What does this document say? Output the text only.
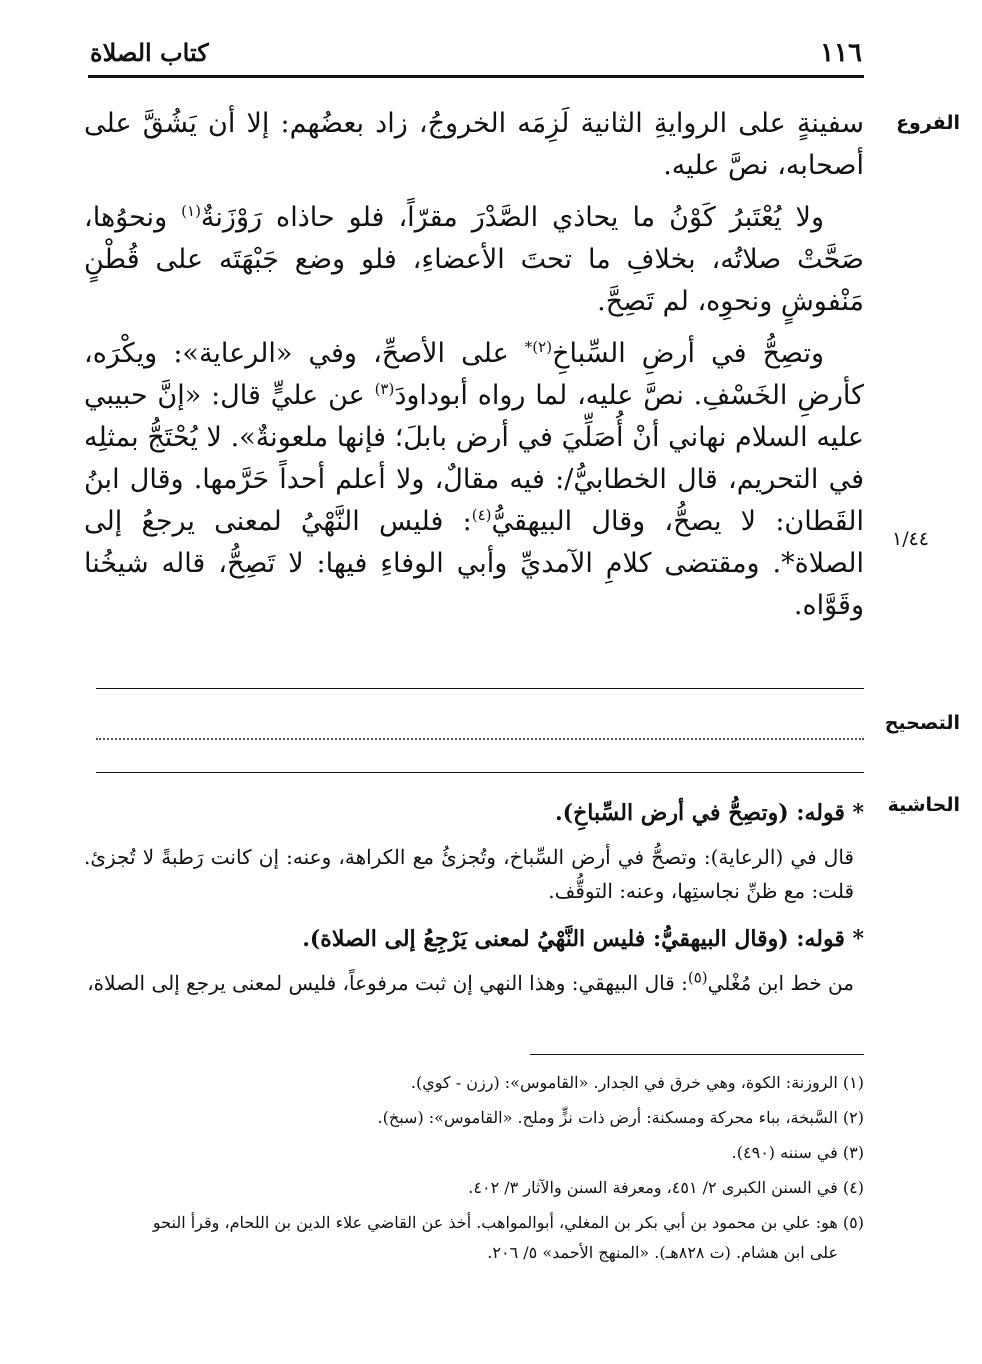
١١٦
كتاب الصلاة
الفروع
١/٤٤

سفينةٍ على الروايةِ الثانية لَزِمَه الخروجُ، زاد بعضُهم: إلا أن يَشُقَّ على أصحابه، نصَّ عليه.

ولا يُعْتَبرُ كَوْنُ ما يحاذي الصَّدْرَ مقرّاً، فلو حاذاه رَوْزَنةٌ$^{(١)}$ ونحوُها، صَحَّتْ صلاتُه، بخلافِ ما تحتَ الأعضاءِ، فلو وضع جَبْهَتَه على قُطْنٍ مَنْفوشٍ ونحوِه، لم تَصِحَّ.

وتصِحُّ في أرضِ السِّباخِ$^{(٢)*}$ على الأصحِّ، وفي «الرعاية»: ويكْرَه، كأرضِ الخَسْفِ. نصَّ عليه، لما رواه أبوداودَ$^{(٣)}$ عن عليٍّ قال: «إنَّ حبيبي عليه السلام نهاني أنْ أُصَلِّيَ في أرض بابلَ؛ فإنها ملعونةٌ». لا يُحْتَجُّ بمثلِه في التحريم، قال الخطابيُّ/: فيه مقالٌ، ولا أعلم أحداً حَرَّمها. وقال ابنُ القَطان: لا يصحُّ، وقال البيهقيُّ$^{(٤)}$: فليس النَّهْيُ لمعنى يرجعُ إلى الصلاة*. ومقتضى كلامِ الآمديِّ وأبي الوفاءِ فيها: لا تَصِحُّ، قاله شيخُنا وقَوَّاه.

التصحيح
الحاشية

* قوله: (وتصِحُّ في أرض السِّباخِ).

قال في (الرعاية): وتصحُّ في أرض السِّباخ، وتُجزئُ مع الكراهة، وعنه: إن كانت رَطبةً لا تُجزئ. قلت: مع ظنِّ نجاستِها، وعنه: التوقُّف.

* قوله: (وقال البيهقيُّ: فليس النَّهْيُ لمعنى يَرْجِعُ إلى الصلاة).

من خط ابن مُغْلي$^{(٥)}$: قال البيهقي: وهذا النهي إن ثبت مرفوعاً، فليس لمعنى يرجع إلى الصلاة،

(١) الروزنة: الكوة، وهي خرق في الجدار. «القاموس»: (رزن - كوي).

(٢) السَّبخة، بباء محركة ومسكنة: أرض ذات نزٍّ وملح. «القاموس»: (سبخ).

(٣) في سننه (٤٩٠).

(٤) في السنن الكبرى ٢/ ٤٥١، ومعرفة السنن والآثار ٣/ ٤٠٢.

(٥) هو: علي بن محمود بن أبي بكر بن المغلي، أبوالمواهب. أخذ عن القاضي علاء الدين بن اللحام، وقرأ النحو

على ابن هشام. (ت ٨٢٨هـ). «المنهج الأحمد» ٥/ ٢٠٦.
